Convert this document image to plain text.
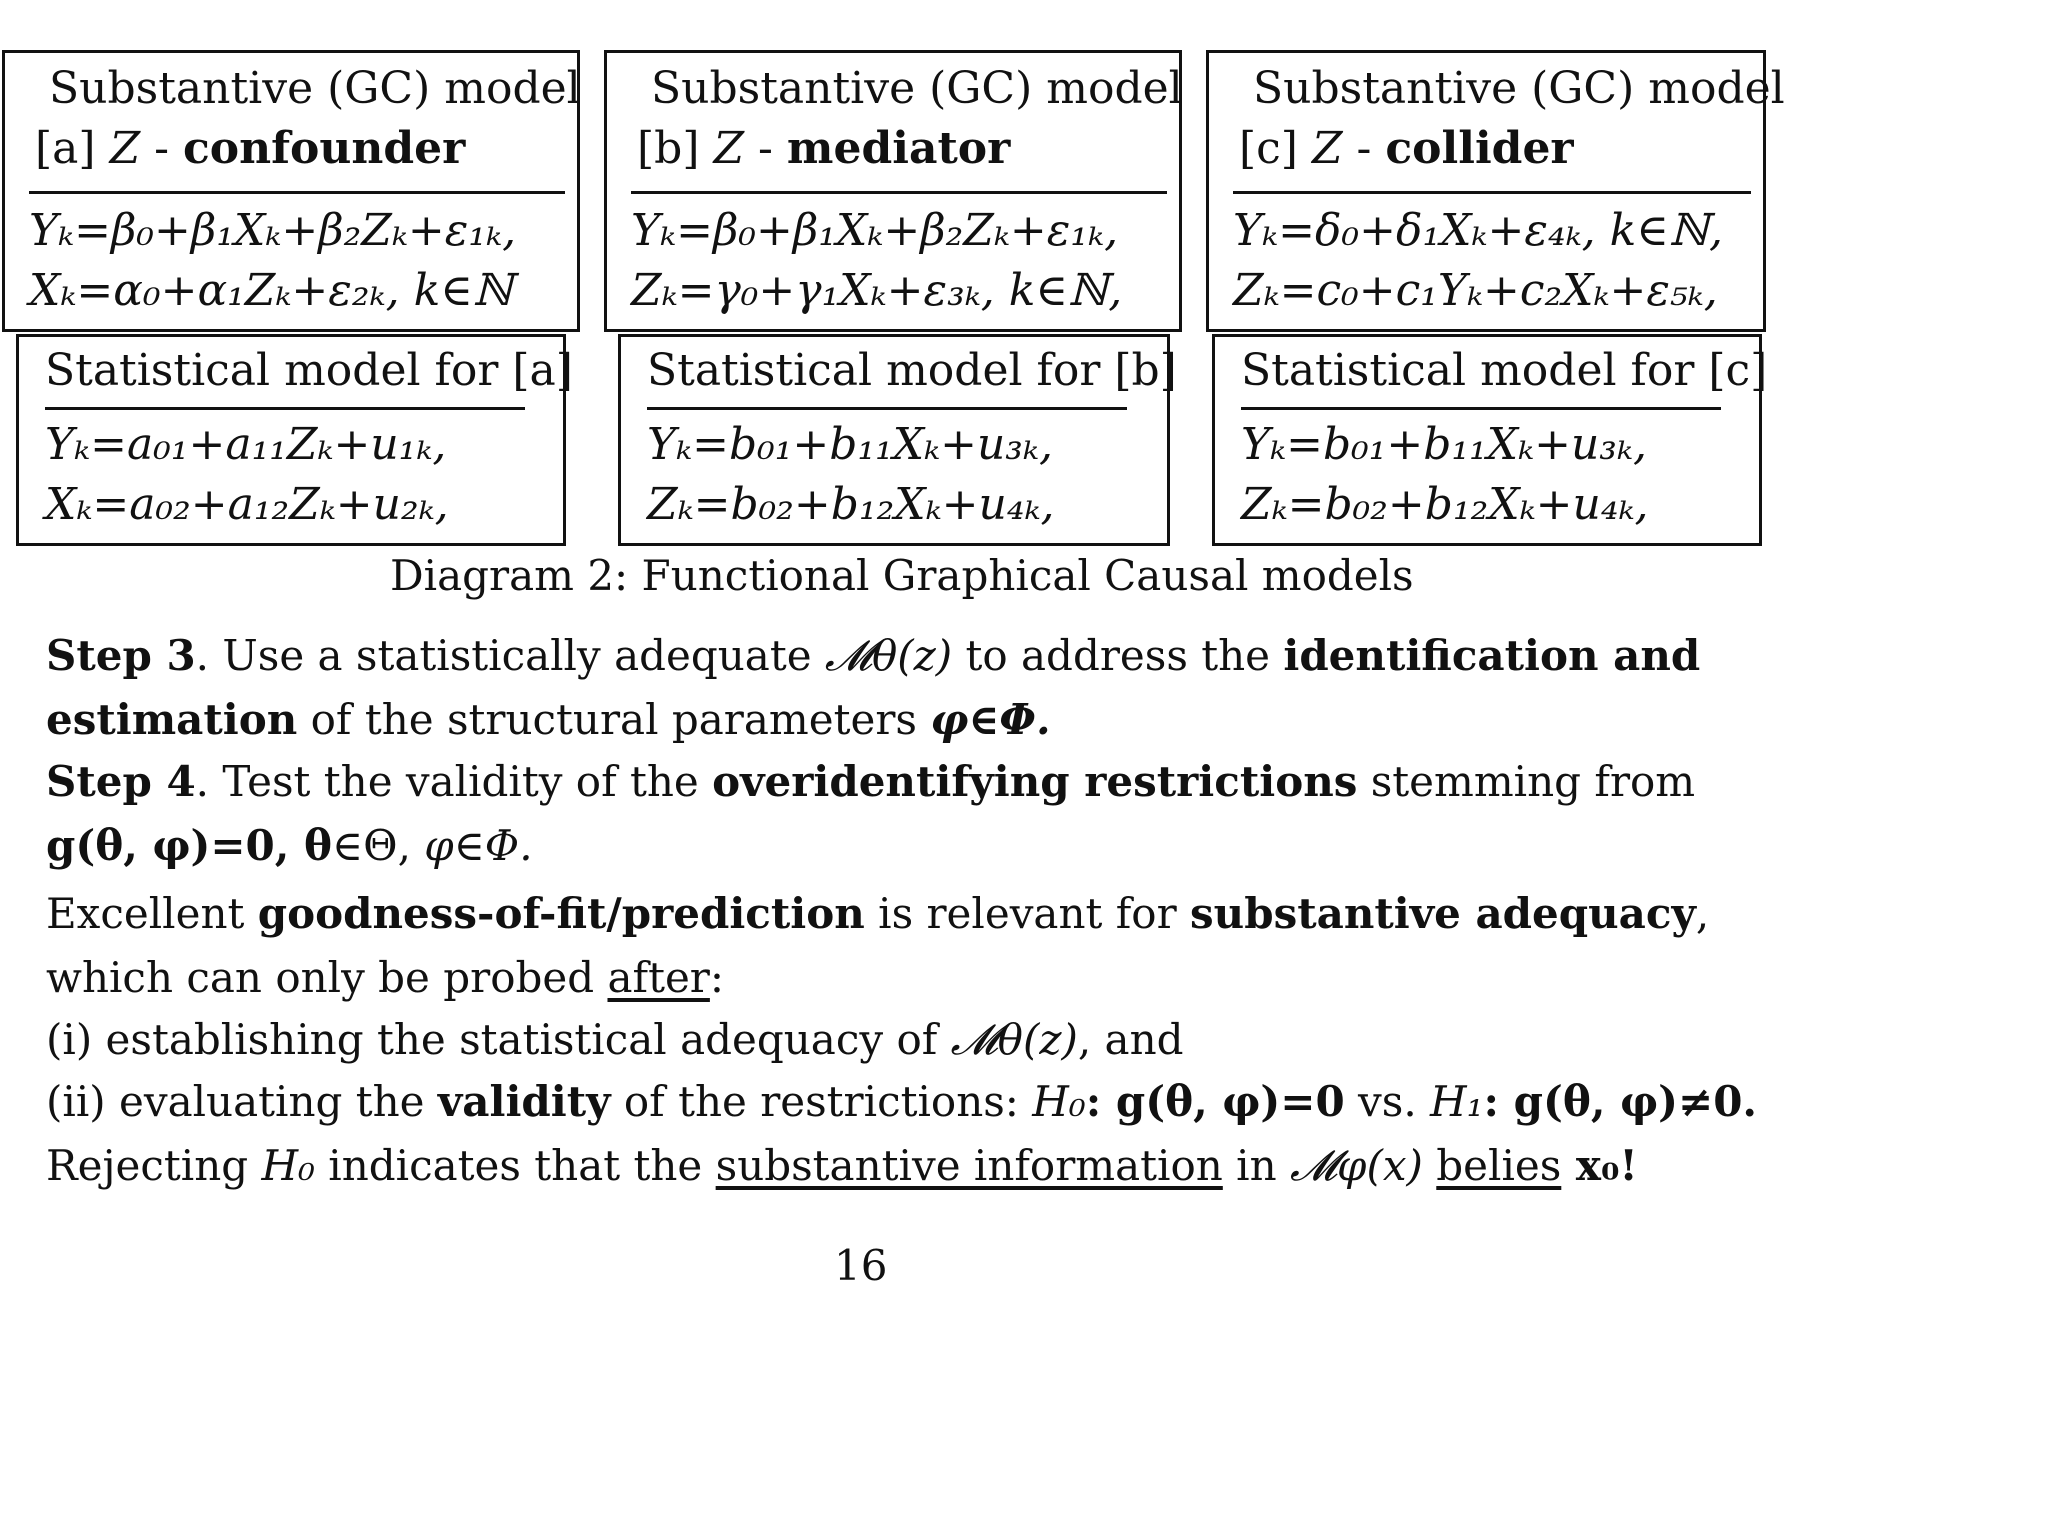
Substantive (GC) model
[a] Z - confounder
Yₖ=β₀+β₁Xₖ+β₂Zₖ+ε₁ₖ,
Xₖ=α₀+α₁Zₖ+ε₂ₖ, k∈ℕ
Substantive (GC) model
[b] Z - mediator
Yₖ=β₀+β₁Xₖ+β₂Zₖ+ε₁ₖ,
Zₖ=γ₀+γ₁Xₖ+ε₃ₖ, k∈ℕ,
Substantive (GC) model
[c] Z - collider
Yₖ=δ₀+δ₁Xₖ+ε₄ₖ, k∈ℕ,
Zₖ=c₀+c₁Yₖ+c₂Xₖ+ε₅ₖ,
Statistical model for [a]
Yₖ=a₀₁+a₁₁Zₖ+u₁ₖ,
Xₖ=a₀₂+a₁₂Zₖ+u₂ₖ,
Statistical model for [b]
Yₖ=b₀₁+b₁₁Xₖ+u₃ₖ,
Zₖ=b₀₂+b₁₂Xₖ+u₄ₖ,
Statistical model for [c]
Yₖ=b₀₁+b₁₁Xₖ+u₃ₖ,
Zₖ=b₀₂+b₁₂Xₖ+u₄ₖ,
Diagram 2: Functional Graphical Causal models
Step 3. Use a statistically adequate 𝓜θ(z) to address the identification and
estimation of the structural parameters φ∈Φ.
Step 4. Test the validity of the overidentifying restrictions stemming from
g(θ, φ)=0, θ∈Θ, φ∈Φ.
Excellent goodness-of-fit/prediction is relevant for substantive adequacy,
which can only be probed after:
(i) establishing the statistical adequacy of 𝓜θ(z), and
(ii) evaluating the validity of the restrictions: H₀: g(θ, φ)=0 vs. H₁: g(θ, φ)≠0.
Rejecting H₀ indicates that the substantive information in 𝓜φ(x) belies x₀!
16
